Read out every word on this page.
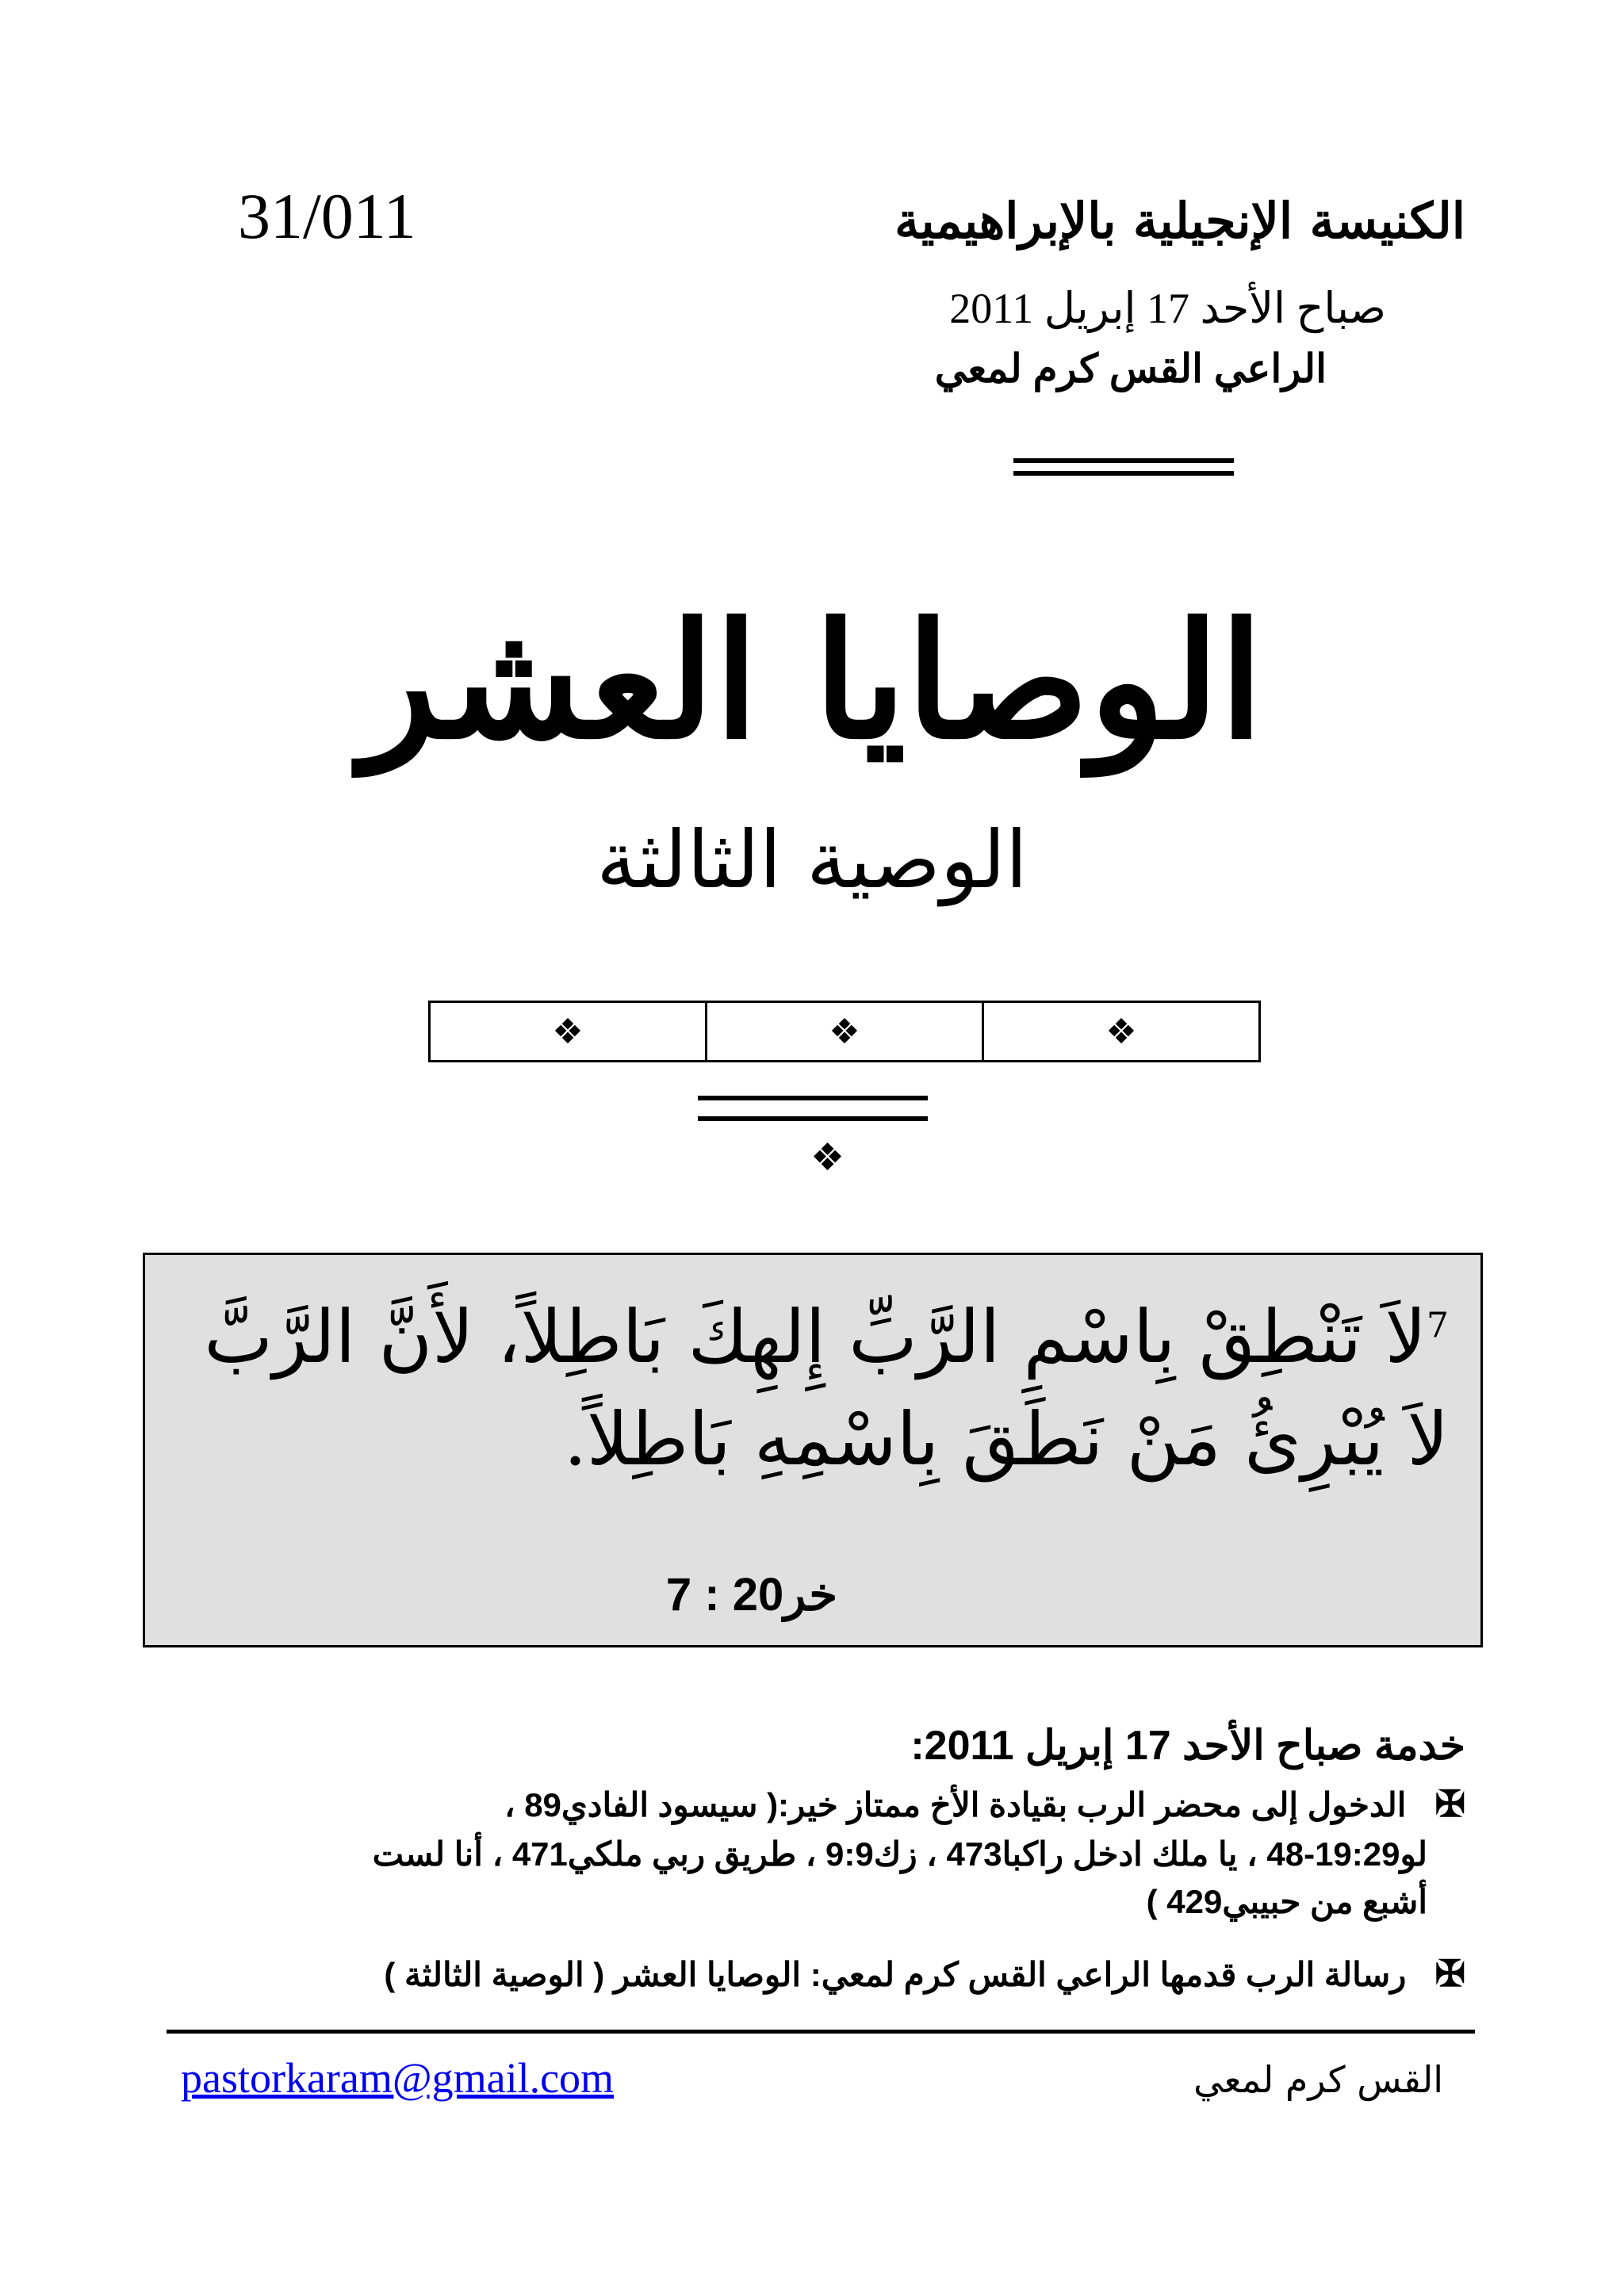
31/011	الكنيسة الإنجيلية بالإبراهيمية
صباح الأحد 17 إبريل 2011
الراعي القس كرم لمعي
الوصايا العشر
الوصية الثالثة
❖	❖	❖
❖
$^7$لاَ تَنْطِقْ بِاسْمِ الرَّبِّ إِلهِكَ بَاطِلاً، لأَنَّ الرَّبَّ لاَ يُبْرِئُ مَنْ نَطَقَ بِاسْمِهِ بَاطِلاً.
خر20 : 7
خدمة صباح الأحد 17 إبريل 2011:
✠الدخول إلى محضر الرب بقيادة الأخ ممتاز خير:( سيسود الفادي89 ،
لو19:29-48 ، يا ملك ادخل راكبا473 ، زك9:9 ، طريق ربي ملكي471 ، أنا لست
أشبع من حبيبي429 )
✠رسالة الرب قدمها الراعي القس كرم لمعي: الوصايا العشر ( الوصية الثالثة )
pastorkaram@gmail.com	القس كرم لمعي
